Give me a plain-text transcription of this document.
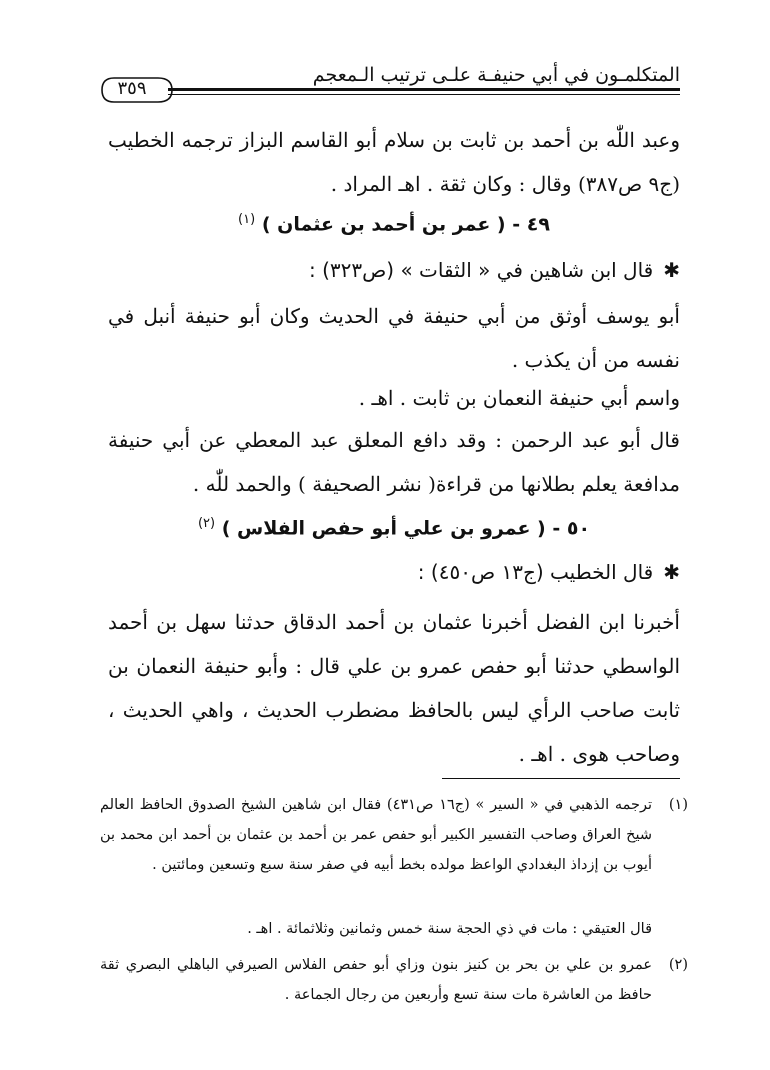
المتكلمـون في أبي حنيفـة علـى ترتيب الـمعجم
٣٥٩
وعبد اللّٰه بن أحمد بن ثابت بن سلام أبو القاسم البزاز ترجمه الخطيب (ج٩ ص٣٨٧) وقال : وكان ثقة . اهـ المراد .
٤٩ - ( عمر بن أحمد بن عثمان ) $^{(١)}$
✱قال ابن شاهين في « الثقات » (ص٣٢٣) :
أبو يوسف أوثق من أبي حنيفة في الحديث وكان أبو حنيفة أنبل في نفسه من أن يكذب .
واسم أبي حنيفة النعمان بن ثابت . اهـ .
قال أبو عبد الرحمن : وقد دافع المعلق عبد المعطي عن أبي حنيفة مدافعة يعلم بطلانها من قراءة( نشر الصحيفة ) والحمد للّٰه .
٥٠ - ( عمرو بن علي أبو حفص الفلاس ) $^{(٢)}$
✱قال الخطيب (ج١٣ ص٤٥٠) :
أخبرنا ابن الفضل أخبرنا عثمان بن أحمد الدقاق حدثنا سهل بن أحمد الواسطي حدثنا أبو حفص عمرو بن علي قال : وأبو حنيفة النعمان بن ثابت صاحب الرأي ليس بالحافظ مضطرب الحديث ، واهي الحديث ، وصاحب هوى . اهـ .
(١)
ترجمه الذهبي في « السير » (ج١٦ ص٤٣١) فقال ابن شاهين الشيخ الصدوق الحافظ العالم شيخ العراق وصاحب التفسير الكبير أبو حفص عمر بن أحمد بن عثمان بن أحمد ابن محمد بن أيوب بن إزداذ البغدادي الواعظ مولده بخط أبيه في صفر سنة سبع وتسعين ومائتين .
قال العتيقي : مات في ذي الحجة سنة خمس وثمانين وثلاثمائة . اهـ .
(٢)
عمرو بن علي بن بحر بن كنيز بنون وزاي أبو حفص الفلاس الصيرفي الباهلي البصري ثقة حافظ من العاشرة مات سنة تسع وأربعين من رجال الجماعة .
